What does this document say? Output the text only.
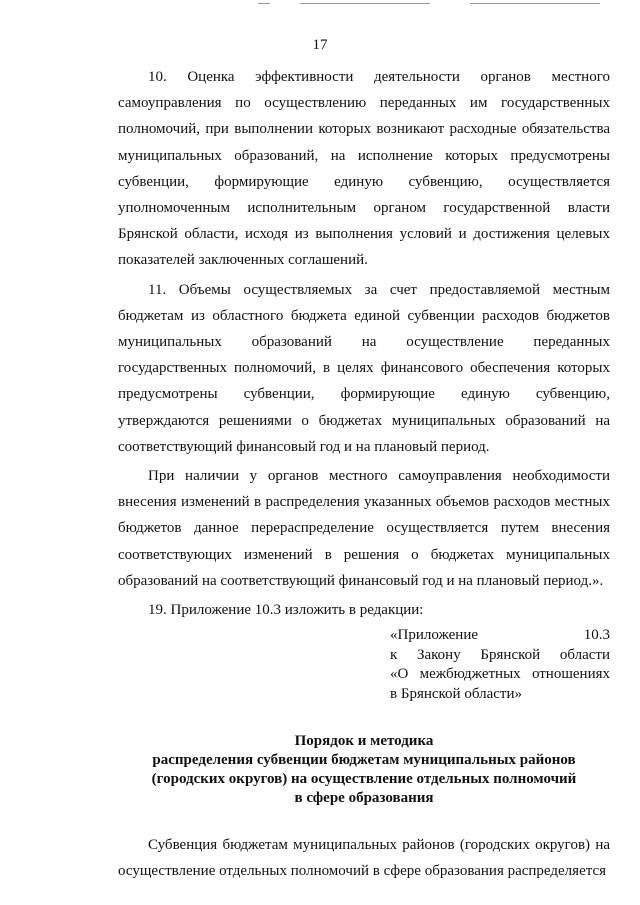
17

10. Оценка эффективности деятельности органов местного самоуправления по осуществлению переданных им государственных полномочий, при выполнении которых возникают расходные обязательства муниципальных образований, на исполнение которых предусмотрены субвенции, формирующие единую субвенцию, осуществляется уполномоченным исполнительным органом государственной власти Брянской области, исходя из выполнения условий и достижения целевых показателей заключенных соглашений.

11. Объемы осуществляемых за счет предоставляемой местным бюджетам из областного бюджета единой субвенции расходов бюджетов муниципальных образований на осуществление переданных государственных полномочий, в целях финансового обеспечения которых предусмотрены субвенции, формирующие единую субвенцию, утверждаются решениями о бюджетах муниципальных образований на соответствующий финансовый год и на плановый период.

При наличии у органов местного самоуправления необходимости внесения изменений в распределения указанных объемов расходов местных бюджетов данное перераспределение осуществляется путем внесения соответствующих изменений в решения о бюджетах муниципальных образований на соответствующий финансовый год и на плановый период.».

19. Приложение 10.3 изложить в редакции:

«Приложение 10.3
к Закону Брянской области
«О межбюджетных отношениях
в Брянской области»
Порядок и методика
распределения субвенции бюджетам муниципальных районов
(городских округов) на осуществление отдельных полномочий
в сфере образования

Субвенция бюджетам муниципальных районов (городских округов) на осуществление отдельных полномочий в сфере образования распределяется
